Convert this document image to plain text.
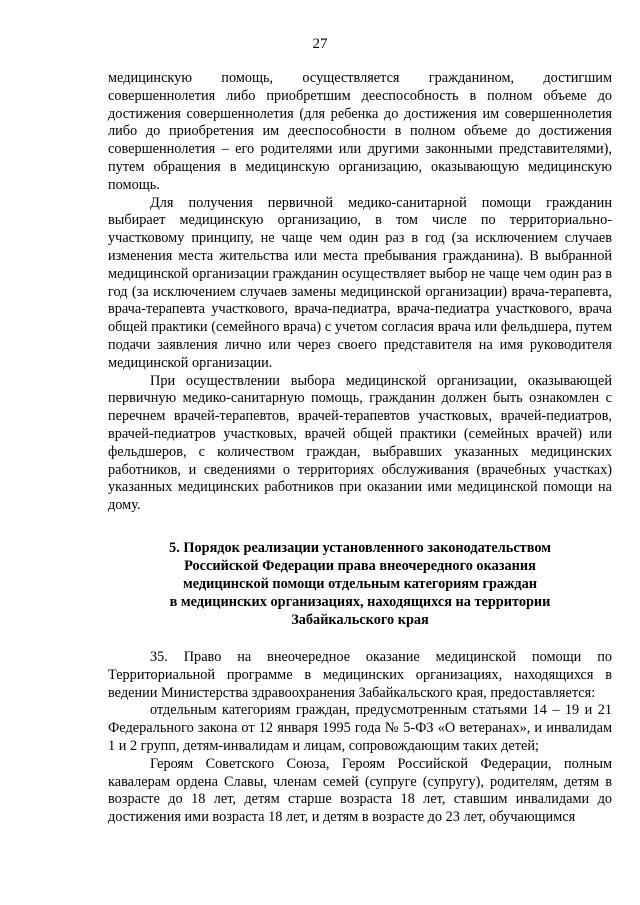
27

медицинскую помощь, осуществляется гражданином, достигшим совершеннолетия либо приобретшим дееспособность в полном объеме до достижения совершеннолетия (для ребенка до достижения им совершеннолетия либо до приобретения им дееспособности в полном объеме до достижения совершеннолетия – его родителями или другими законными представителями), путем обращения в медицинскую организацию, оказывающую медицинскую помощь.

Для получения первичной медико-санитарной помощи гражданин выбирает медицинскую организацию, в том числе по территориально-участковому принципу, не чаще чем один раз в год (за исключением случаев изменения места жительства или места пребывания гражданина). В выбранной медицинской организации гражданин осуществляет выбор не чаще чем один раз в год (за исключением случаев замены медицинской организации) врача-терапевта, врача-терапевта участкового, врача-педиатра, врача-педиатра участкового, врача общей практики (семейного врача) с учетом согласия врача или фельдшера, путем подачи заявления лично или через своего представителя на имя руководителя медицинской организации.

При осуществлении выбора медицинской организации, оказывающей первичную медико-санитарную помощь, гражданин должен быть ознакомлен с перечнем врачей-терапевтов, врачей-терапевтов участковых, врачей-педиатров, врачей-педиатров участковых, врачей общей практики (семейных врачей) или фельдшеров, с количеством граждан, выбравших указанных медицинских работников, и сведениями о территориях обслуживания (врачебных участках) указанных медицинских работников при оказании ими медицинской помощи на дому.

5. Порядок реализации установленного законодательством
Российской Федерации права внеочередного оказания
медицинской помощи отдельным категориям граждан
в медицинских организациях, находящихся на территории
Забайкальского края

35. Право на внеочередное оказание медицинской помощи по Территориальной программе в медицинских организациях, находящихся в ведении Министерства здравоохранения Забайкальского края, предоставляется:

отдельным категориям граждан, предусмотренным статьями 14 – 19 и 21 Федерального закона от 12 января 1995 года № 5-ФЗ «О ветеранах», и инвалидам 1 и 2 групп, детям-инвалидам и лицам, сопровождающим таких детей;

Героям Советского Союза, Героям Российской Федерации, полным кавалерам ордена Славы, членам семей (супруге (супругу), родителям, детям в возрасте до 18 лет, детям старше возраста 18 лет, ставшим инвалидами до достижения ими возраста 18 лет, и детям в возрасте до 23 лет, обучающимся
